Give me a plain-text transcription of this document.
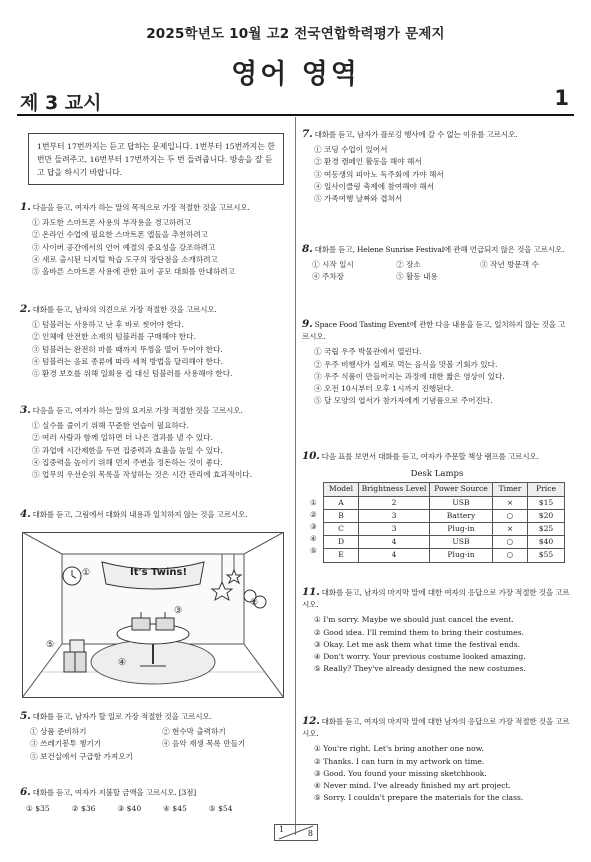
2025학년도 10월 고2 전국연합학력평가 문제지
영어 영역
제 3 교시	1
1번부터 17번까지는 듣고 답하는 문제입니다. 1번부터 15번까지는 한 번만 들려주고, 16번부터 17번까지는 두 번 들려줍니다. 방송을 잘 듣고 답을 하시기 바랍니다.
1. 다음을 듣고, 여자가 하는 말의 목적으로 가장 적절한 것을 고르시오.
① 과도한 스마트폰 사용의 부작용을 경고하려고
② 온라인 수업에 필요한 스마트폰 앱들을 추천하려고
③ 사이버 공간에서의 언어 예절의 중요성을 강조하려고
④ 새로 출시된 디지털 학습 도구의 장단점을 소개하려고
⑤ 올바른 스마트폰 사용에 관한 표어 공모 대회를 안내하려고
2. 대화를 듣고, 남자의 의견으로 가장 적절한 것을 고르시오.
① 텀블러는 사용하고 난 후 바로 씻어야 한다.
② 인체에 안전한 소재의 텀블러를 구매해야 한다.
③ 텀블러는 완전히 마를 때까지 뚜껑을 열어 두어야 한다.
④ 텀블러는 음료 종류에 따라 세척 방법을 달리해야 한다.
⑤ 환경 보호를 위해 일회용 컵 대신 텀블러를 사용해야 한다.
3. 다음을 듣고, 여자가 하는 말의 요지로 가장 적절한 것을 고르시오.
① 실수를 줄이기 위해 꾸준한 연습이 필요하다.
② 여러 사람과 함께 일하면 더 나은 결과를 낼 수 있다.
③ 과업에 시간제한을 두면 집중력과 효율을 높일 수 있다.
④ 집중력을 높이기 위해 먼저 주변을 정돈하는 것이 좋다.
⑤ 업무의 우선순위 목록을 작성하는 것은 시간 관리에 효과적이다.
4. 대화를 듣고, 그림에서 대화의 내용과 일치하지 않는 것을 고르시오.
5. 대화를 듣고, 남자가 할 일로 가장 적절한 것을 고르시오.
① 상품 준비하기	② 현수막 출력하기
③ 쓰레기봉투 챙기기	④ 음악 재생 목록 만들기
⑤ 보건실에서 구급함 가져오기
6. 대화를 듣고, 여자가 지불할 금액을 고르시오. [3점]
① $35	② $36	③ $40	④ $45	⑤ $54
It's Twins!
①
②
③
④
⑤
7. 대화를 듣고, 남자가 플로깅 행사에 갈 수 없는 이유를 고르시오.
① 코딩 수업이 있어서
② 환경 캠페인 활동을 해야 해서
③ 여동생의 피아노 독주회에 가야 해서
④ 일사이클링 축제에 참여해야 해서
⑤ 가족여행 날짜와 겹쳐서
8. 대화를 듣고, Helene Sunrise Festival에 관해 언급되지 않은 것을 고르시오.
① 시작 일시	② 장소	③ 작년 방문객 수
④ 주차장	⑤ 활동 내용
9. Space Food Tasting Event에 관한 다음 내용을 듣고, 일치하지 않는 것을 고르시오.
① 국립 우주 박물관에서 열린다.
② 우주 비행사가 실제로 먹는 음식을 맛볼 기회가 있다.
③ 우주 식품이 만들어지는 과정에 대한 짧은 영상이 있다.
④ 오전 10시부터 오후 1시까지 진행된다.
⑤ 달 모양의 엽서가 참가자에게 기념품으로 주어진다.
10. 다음 표를 보면서 대화를 듣고, 여자가 주문할 책상 램프를 고르시오.
Desk Lamps
Model	Brightness Level	Power Source	Timer	Price
A	2	USB	×	$15
B	3	Battery	○	$20
C	3	Plug-in	×	$25
D	4	USB	○	$40
E	4	Plug-in	○	$55
①
②
③
④
⑤
11. 대화를 듣고, 남자의 마지막 말에 대한 여자의 응답으로 가장 적절한 것을 고르시오.
① I'm sorry. Maybe we should just cancel the event.
② Good idea. I'll remind them to bring their costumes.
③ Okay. Let me ask them what time the festival ends.
④ Don't worry. Your previous costume looked amazing.
⑤ Really? They've already designed the new costumes.
12. 대화를 듣고, 여자의 마지막 말에 대한 남자의 응답으로 가장 적절한 것을 고르시오.
① You're right. Let's bring another one now.
② Thanks. I can turn in my artwork on time.
③ Good. You found your missing sketchbook.
④ Never mind. I've already finished my art project.
⑤ Sorry. I couldn't prepare the materials for the class.
1	8
